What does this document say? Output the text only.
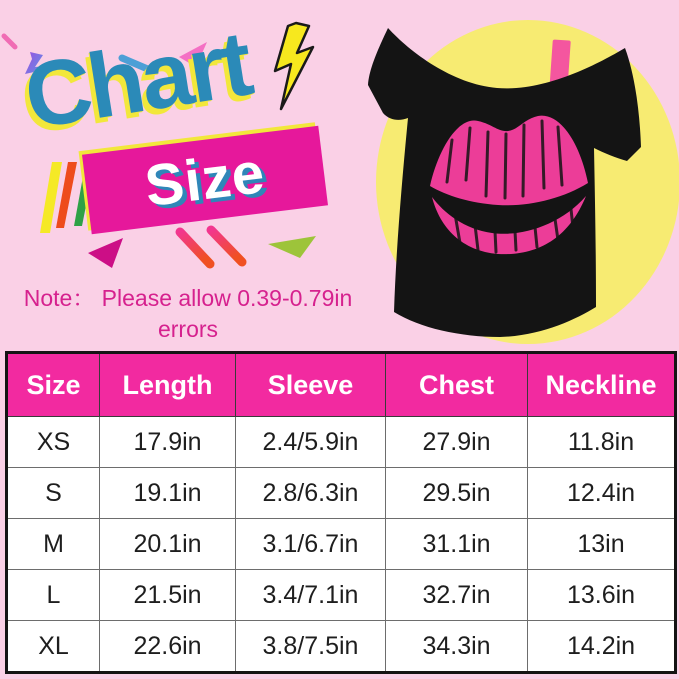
Chart
Size
Note： Please allow 0.39-0.79in errors
Size	Length	Sleeve	Chest	Neckline
XS	17.9in	2.4/5.9in	27.9in	11.8in
S	19.1in	2.8/6.3in	29.5in	12.4in
M	20.1in	3.1/6.7in	31.1in	13in
L	21.5in	3.4/7.1in	32.7in	13.6in
XL	22.6in	3.8/7.5in	34.3in	14.2in
